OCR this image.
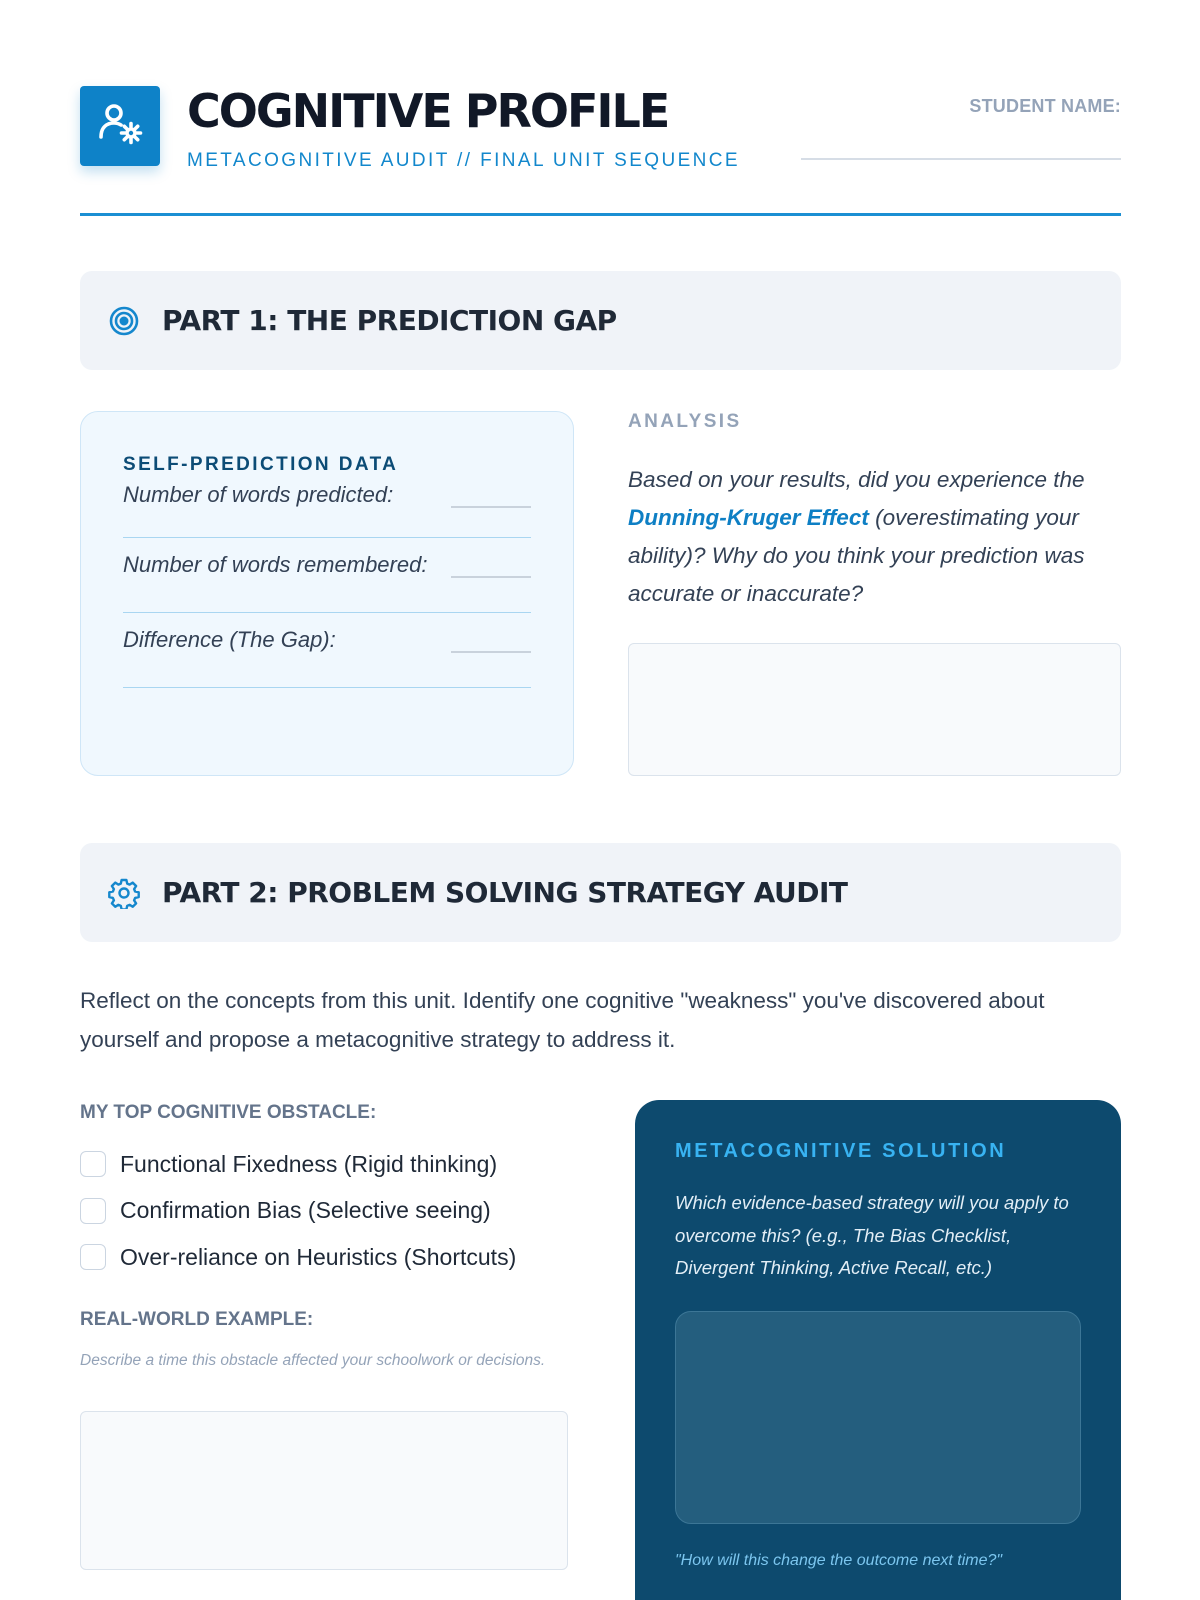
COGNITIVE PROFILE
METACOGNITIVE AUDIT // FINAL UNIT SEQUENCE
STUDENT NAME:
PART 1: THE PREDICTION GAP
SELF-PREDICTION DATA
Number of words predicted:
Number of words remembered:
Difference (The Gap):
ANALYSIS
Based on your results, did you experience the Dunning-Kruger Effect (overestimating your ability)? Why do you think your prediction was accurate or inaccurate?
PART 2: PROBLEM SOLVING STRATEGY AUDIT
Reflect on the concepts from this unit. Identify one cognitive "weakness" you've discovered about yourself and propose a metacognitive strategy to address it.
MY TOP COGNITIVE OBSTACLE:
Functional Fixedness (Rigid thinking)
Confirmation Bias (Selective seeing)
Over-reliance on Heuristics (Shortcuts)
REAL-WORLD EXAMPLE:
Describe a time this obstacle affected your schoolwork or decisions.
METACOGNITIVE SOLUTION
Which evidence-based strategy will you apply to overcome this? (e.g., The Bias Checklist, Divergent Thinking, Active Recall, etc.)
"How will this change the outcome next time?"
